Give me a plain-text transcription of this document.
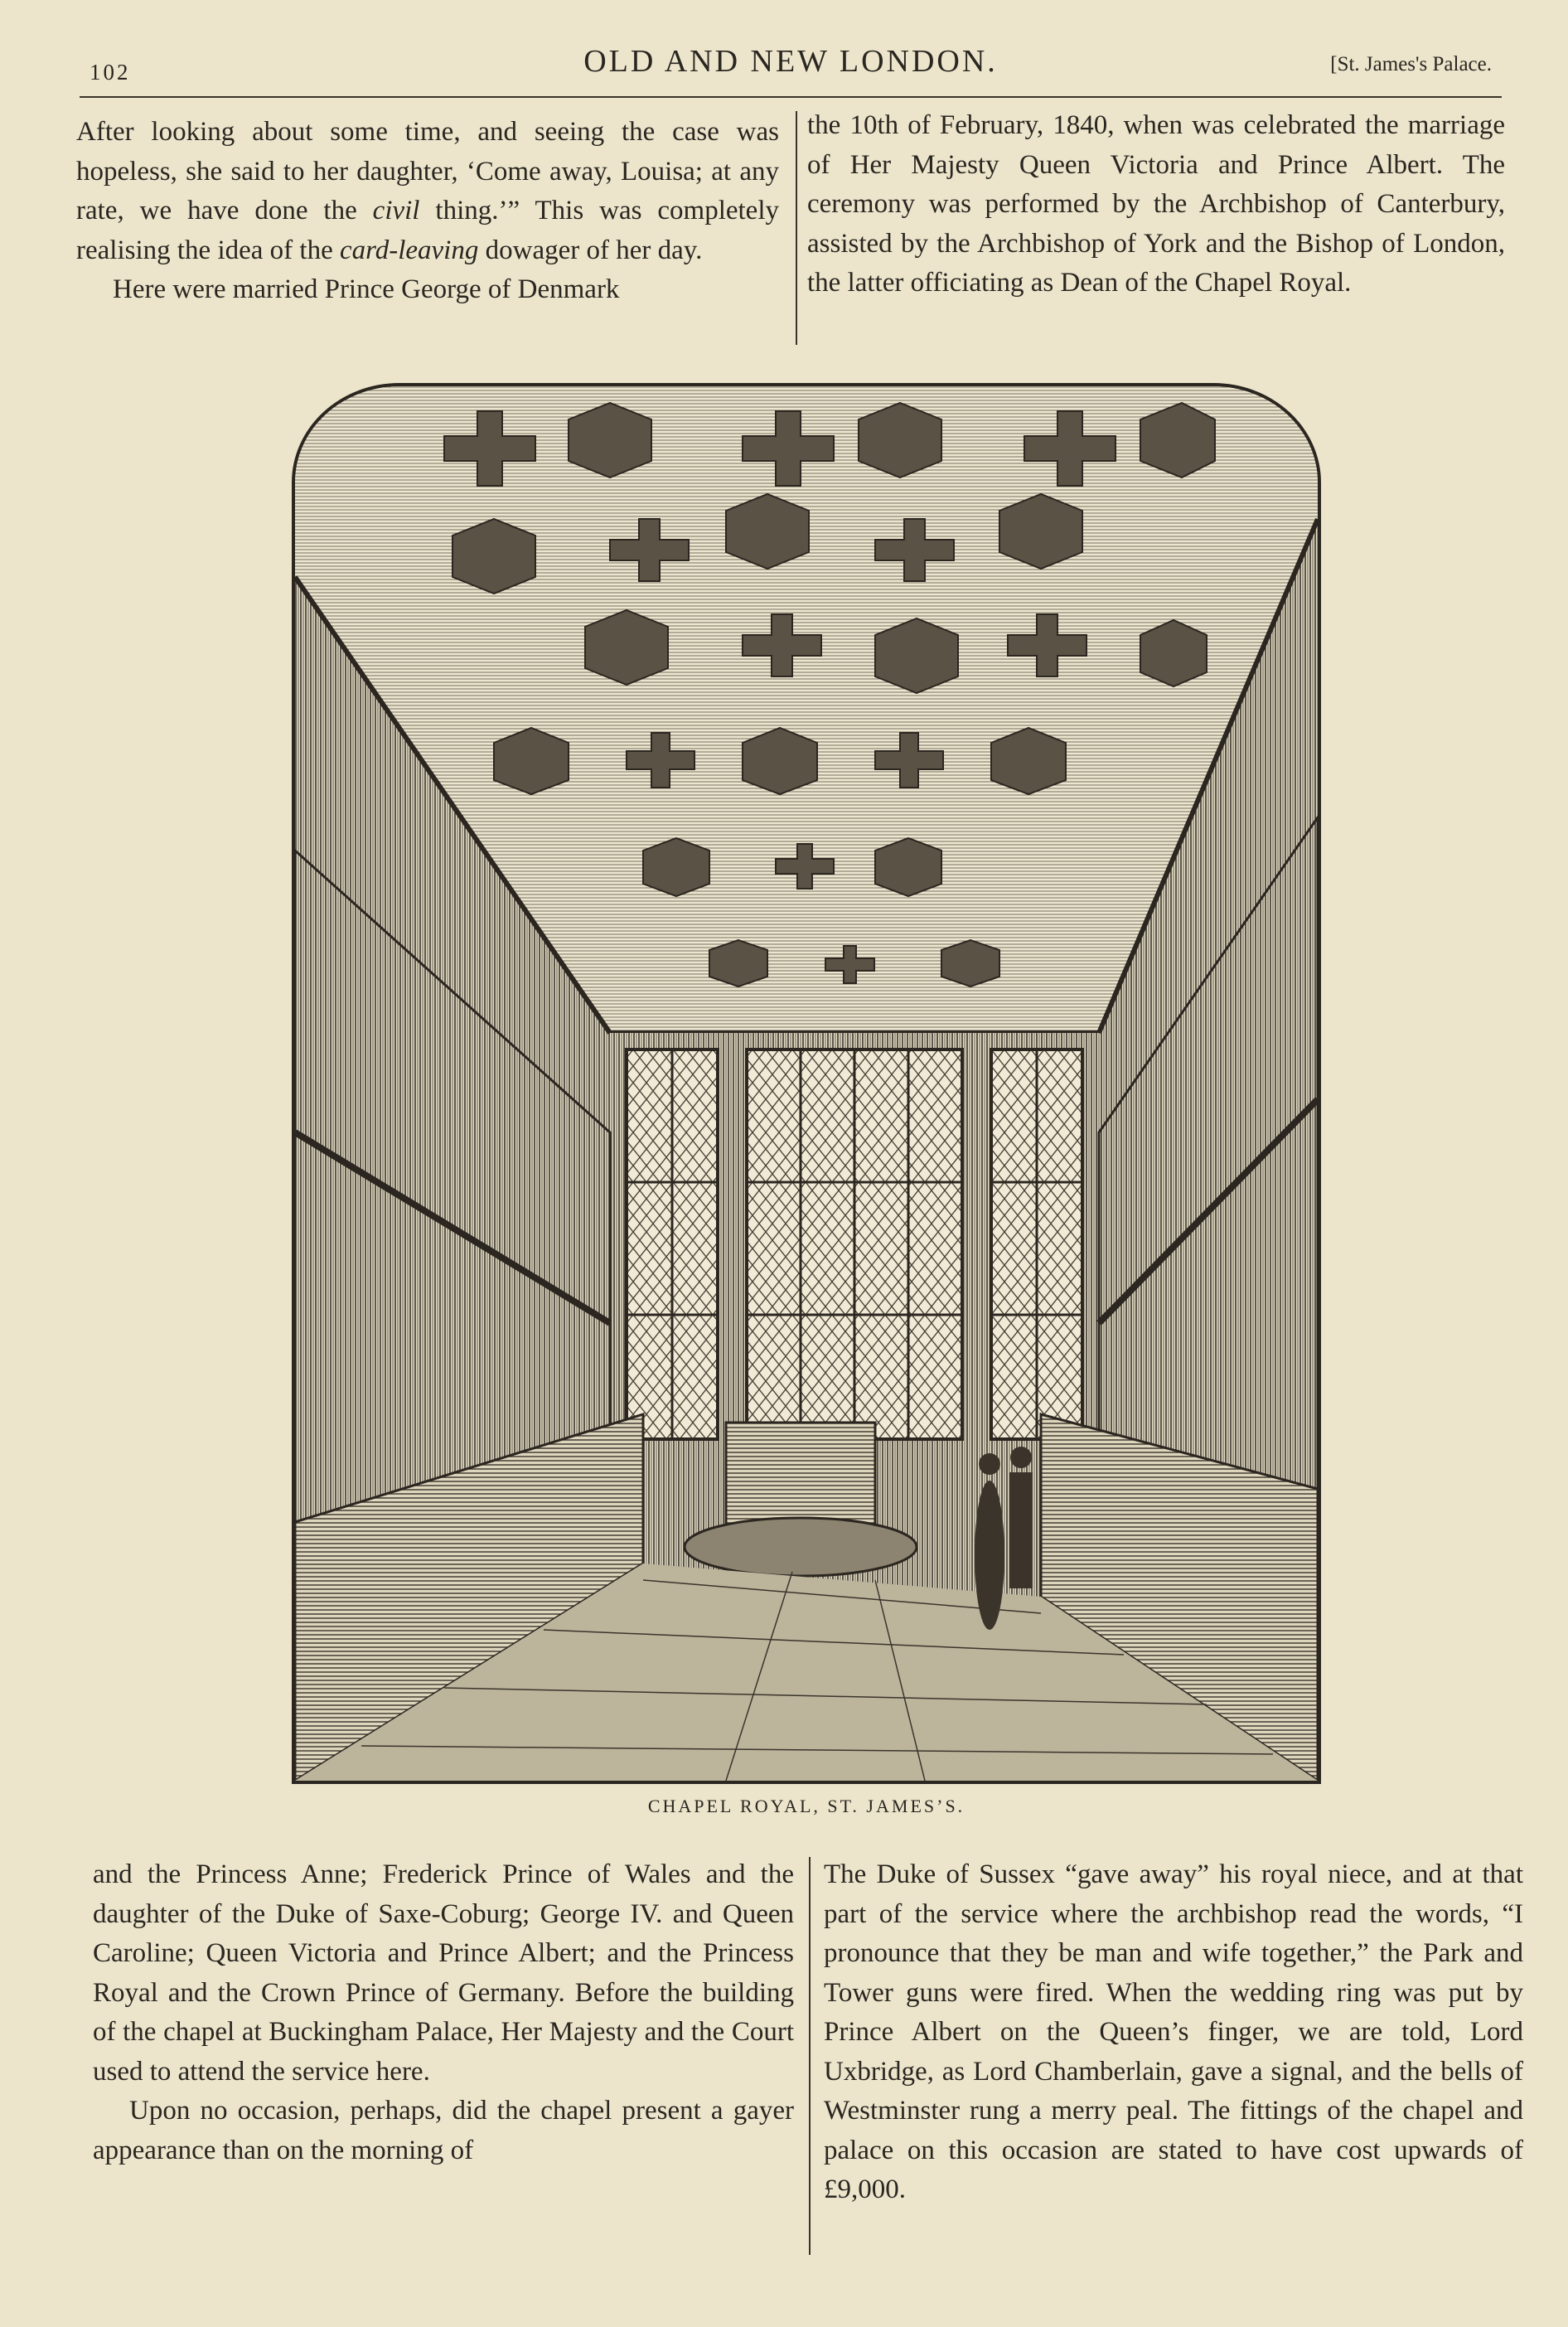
102	OLD AND NEW LONDON.	[St. James's Palace.

After looking about some time, and seeing the case was hopeless, she said to her daughter, ‘Come away, Louisa; at any rate, we have done the civil thing.’” This was completely realising the idea of the card-leaving dowager of her day.

Here were married Prince George of Denmark

the 10th of February, 1840, when was celebrated the marriage of Her Majesty Queen Victoria and Prince Albert. The ceremony was performed by the Archbishop of Canterbury, assisted by the Archbishop of York and the Bishop of London, the latter officiating as Dean of the Chapel Royal.

CHAPEL ROYAL, ST. JAMES’S.

and the Princess Anne; Frederick Prince of Wales and the daughter of the Duke of Saxe-Coburg; George IV. and Queen Caroline; Queen Victoria and Prince Albert; and the Princess Royal and the Crown Prince of Germany. Before the building of the chapel at Buckingham Palace, Her Majesty and the Court used to attend the service here.

Upon no occasion, perhaps, did the chapel present a gayer appearance than on the morning of

The Duke of Sussex “gave away” his royal niece, and at that part of the service where the archbishop read the words, “I pronounce that they be man and wife together,” the Park and Tower guns were fired. When the wedding ring was put by Prince Albert on the Queen’s finger, we are told, Lord Uxbridge, as Lord Chamberlain, gave a signal, and the bells of Westminster rung a merry peal. The fittings of the chapel and palace on this occasion are stated to have cost upwards of £9,000.
